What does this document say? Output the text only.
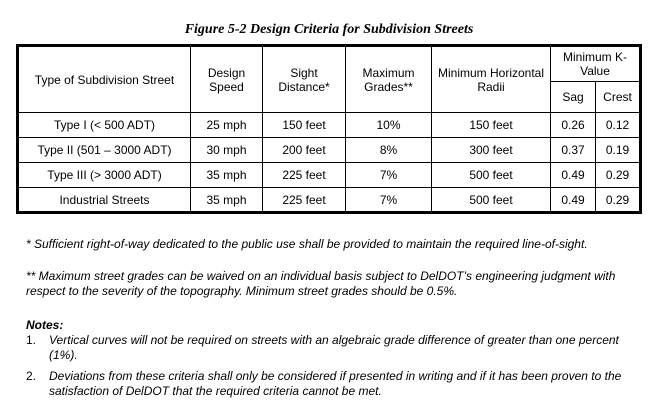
Figure 5-2 Design Criteria for Subdivision Streets
Type of Subdivision Street	Design Speed	Sight Distance*	Maximum Grades**	Minimum Horizontal Radii	Minimum K-Value	
					Sag	Crest
Type I (< 500 ADT)	25 mph	150 feet	10%	150 feet	0.26	0.12
Type II (501 – 3000 ADT)	30 mph	200 feet	8%	300 feet	0.37	0.19
Type III (> 3000 ADT)	35 mph	225 feet	7%	500 feet	0.49	0.29
Industrial Streets	35 mph	225 feet	7%	500 feet	0.49	0.29
* Sufficient right-of-way dedicated to the public use shall be provided to maintain the required line-of-sight.
** Maximum street grades can be waived on an individual basis subject to DelDOT’s engineering judgment with respect to the severity of the topography. Minimum street grades should be 0.5%.
Notes:
1. Vertical curves will not be required on streets with an algebraic grade difference of greater than one percent (1%).
2. Deviations from these criteria shall only be considered if presented in writing and if it has been proven to the satisfaction of DelDOT that the required criteria cannot be met.
